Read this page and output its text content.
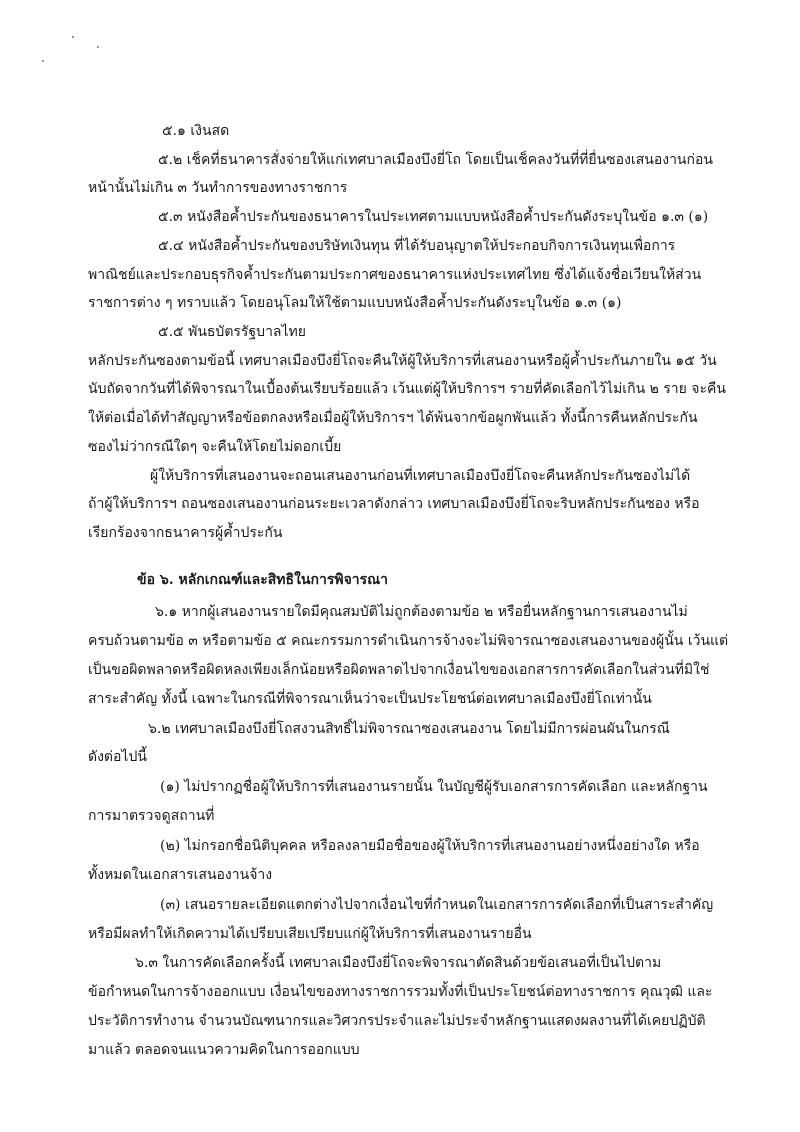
๕.๑ เงินสด
๕.๒ เช็คที่ธนาคารสั่งจ่ายให้แก่เทศบาลเมืองบึงยี่โถ โดยเป็นเช็คลงวันที่ที่ยื่นซองเสนองานก่อน
หน้านั้นไม่เกิน ๓ วันทำการของทางราชการ
๕.๓ หนังสือค้ำประกันของธนาคารในประเทศตามแบบหนังสือค้ำประกันดังระบุในข้อ ๑.๓ (๑)
๕.๔ หนังสือค้ำประกันของบริษัทเงินทุน ที่ได้รับอนุญาตให้ประกอบกิจการเงินทุนเพื่อการ
พาณิชย์และประกอบธุรกิจค้ำประกันตามประกาศของธนาคารแห่งประเทศไทย ซึ่งได้แจ้งชื่อเวียนให้ส่วน
ราชการต่าง ๆ ทราบแล้ว โดยอนุโลมให้ใช้ตามแบบหนังสือค้ำประกันดังระบุในข้อ ๑.๓ (๑)
๕.๕ พันธบัตรรัฐบาลไทย
หลักประกันซองตามข้อนี้ เทศบาลเมืองบึงยี่โถจะคืนให้ผู้ให้บริการที่เสนองานหรือผู้ค้ำประกันภายใน ๑๕ วัน
นับถัดจากวันที่ได้พิจารณาในเบื้องต้นเรียบร้อยแล้ว เว้นแต่ผู้ให้บริการฯ รายที่คัดเลือกไว้ไม่เกิน ๒ ราย จะคืน
ให้ต่อเมื่อได้ทำสัญญาหรือข้อตกลงหรือเมื่อผู้ให้บริการฯ ได้พ้นจากข้อผูกพันแล้ว ทั้งนี้การคืนหลักประกัน
ซองไม่ว่ากรณีใดๆ จะคืนให้โดยไม่ดอกเบี้ย
ผู้ให้บริการที่เสนองานจะถอนเสนองานก่อนที่เทศบาลเมืองบึงยี่โถจะคืนหลักประกันซองไม่ได้
ถ้าผู้ให้บริการฯ ถอนซองเสนองานก่อนระยะเวลาดังกล่าว เทศบาลเมืองบึงยี่โถจะริบหลักประกันซอง หรือ
เรียกร้องจากธนาคารผู้ค้ำประกัน
ข้อ ๖. หลักเกณฑ์และสิทธิในการพิจารณา
๖.๑ หากผู้เสนองานรายใดมีคุณสมบัติไม่ถูกต้องตามข้อ ๒ หรือยื่นหลักฐานการเสนองานไม่
ครบถ้วนตามข้อ ๓ หรือตามข้อ ๕ คณะกรรมการดำเนินการจ้างจะไม่พิจารณาซองเสนองานของผู้นั้น เว้นแต่
เป็นขอผิดพลาดหรือผิดหลงเพียงเล็กน้อยหรือผิดพลาดไปจากเงื่อนไขของเอกสารการคัดเลือกในส่วนที่มิใช่
สาระสำคัญ ทั้งนี้ เฉพาะในกรณีที่พิจารณาเห็นว่าจะเป็นประโยชน์ต่อเทศบาลเมืองบึงยี่โถเท่านั้น
๖.๒ เทศบาลเมืองบึงยี่โถสงวนสิทธิ์ไม่พิจารณาซองเสนองาน โดยไม่มีการผ่อนผันในกรณี
ดังต่อไปนี้
(๑) ไม่ปรากฏชื่อผู้ให้บริการที่เสนองานรายนั้น ในบัญชีผู้รับเอกสารการคัดเลือก และหลักฐาน
การมาตรวจดูสถานที่
(๒) ไม่กรอกชื่อนิติบุคคล หรือลงลายมือชื่อของผู้ให้บริการที่เสนองานอย่างหนึ่งอย่างใด หรือ
ทั้งหมดในเอกสารเสนองานจ้าง
(๓) เสนอรายละเอียดแตกต่างไปจากเงื่อนไขที่กำหนดในเอกสารการคัดเลือกที่เป็นสาระสำคัญ
หรือมีผลทำให้เกิดความได้เปรียบเสียเปรียบแก่ผู้ให้บริการที่เสนองานรายอื่น
๖.๓ ในการคัดเลือกครั้งนี้ เทศบาลเมืองบึงยี่โถจะพิจารณาตัดสินด้วยข้อเสนอที่เป็นไปตาม
ข้อกำหนดในการจ้างออกแบบ เงื่อนไขของทางราชการรวมทั้งที่เป็นประโยชน์ต่อทางราชการ คุณวุฒิ และ
ประวัติการทำงาน จำนวนบัณฑนากรและวิศวกรประจำและไม่ประจำหลักฐานแสดงผลงานที่ได้เคยปฏิบัติ
มาแล้ว ตลอดจนแนวความคิดในการออกแบบ
